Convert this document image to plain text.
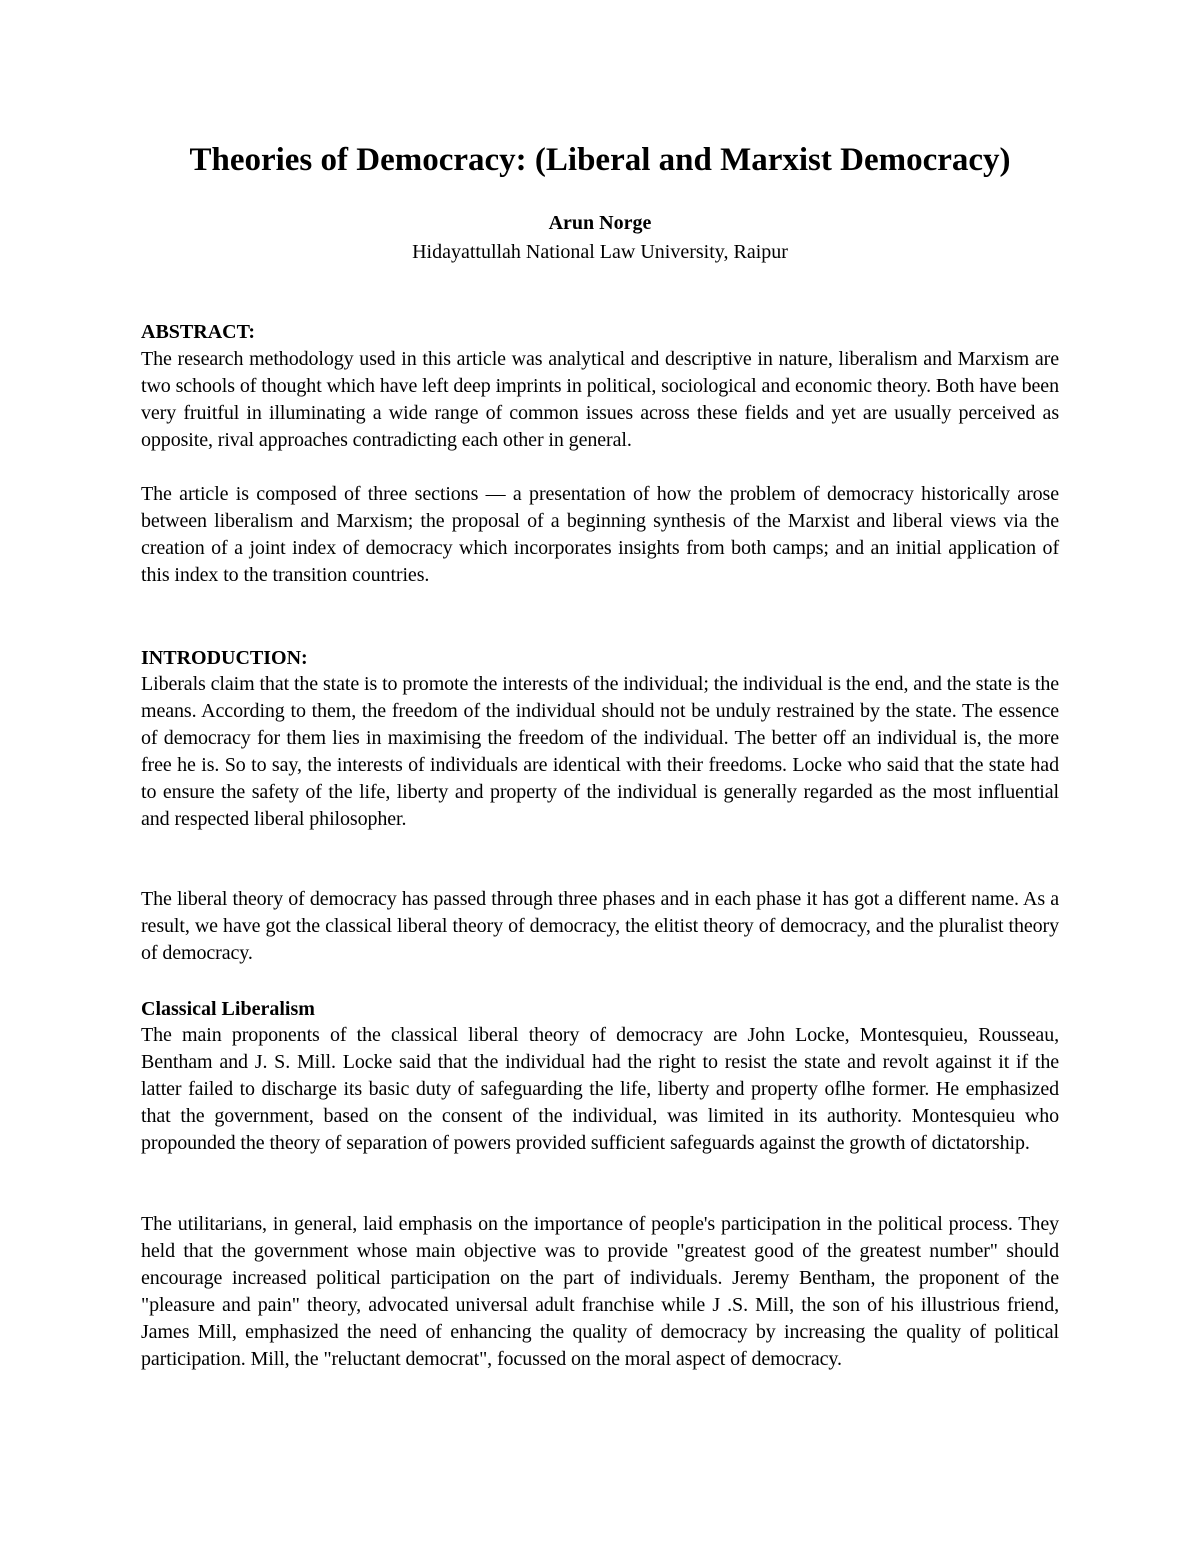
Theories of Democracy: (Liberal and Marxist Democracy)
Arun Norge
Hidayattullah National Law University, Raipur
ABSTRACT:
The research methodology used in this article was analytical and descriptive in nature, liberalism and Marxism are two schools of thought which have left deep imprints in political, sociological and economic theory. Both have been very fruitful in illuminating a wide range of common issues across these fields and yet are usually perceived as opposite, rival approaches contradicting each other in general.
The article is composed of three sections — a presentation of how the problem of democracy historically arose between liberalism and Marxism; the proposal of a beginning synthesis of the Marxist and liberal views via the creation of a joint index of democracy which incorporates insights from both camps; and an initial application of this index to the transition countries.
INTRODUCTION:
Liberals claim that the state is to promote the interests of the individual; the individual is the end, and the state is the means. According to them, the freedom of the individual should not be unduly restrained by the state. The essence of democracy for them lies in maximising the freedom of the individual. The better off an individual is, the more free he is. So to say, the interests of individuals are identical with their freedoms. Locke who said that the state had to ensure the safety of the life, liberty and property of the individual is generally regarded as the most influential and respected liberal philosopher.
The liberal theory of democracy has passed through three phases and in each phase it has got a different name. As a result, we have got the classical liberal theory of democracy, the elitist theory of democracy, and the pluralist theory of democracy.
Classical Liberalism
The main proponents of the classical liberal theory of democracy are John Locke, Montesquieu, Rousseau, Bentham and J. S. Mill. Locke said that the individual had the right to resist the state and revolt against it if the latter failed to discharge its basic duty of safeguarding the life, liberty and property oflhe former. He emphasized that the government, based on the consent of the individual, was limited in its authority. Montesquieu who propounded the theory of separation of powers provided sufficient safeguards against the growth of dictatorship.
The utilitarians, in general, laid emphasis on the importance of people's participation in the political process. They held that the government whose main objective was to provide "greatest good of the greatest number" should encourage increased political participation on the part of individuals. Jeremy Bentham, the proponent of the "pleasure and pain" theory, advocated universal adult franchise while J .S. Mill, the son of his illustrious friend, James Mill, emphasized the need of enhancing the quality of democracy by increasing the quality of political participation. Mill, the "reluctant democrat", focussed on the moral aspect of democracy.
